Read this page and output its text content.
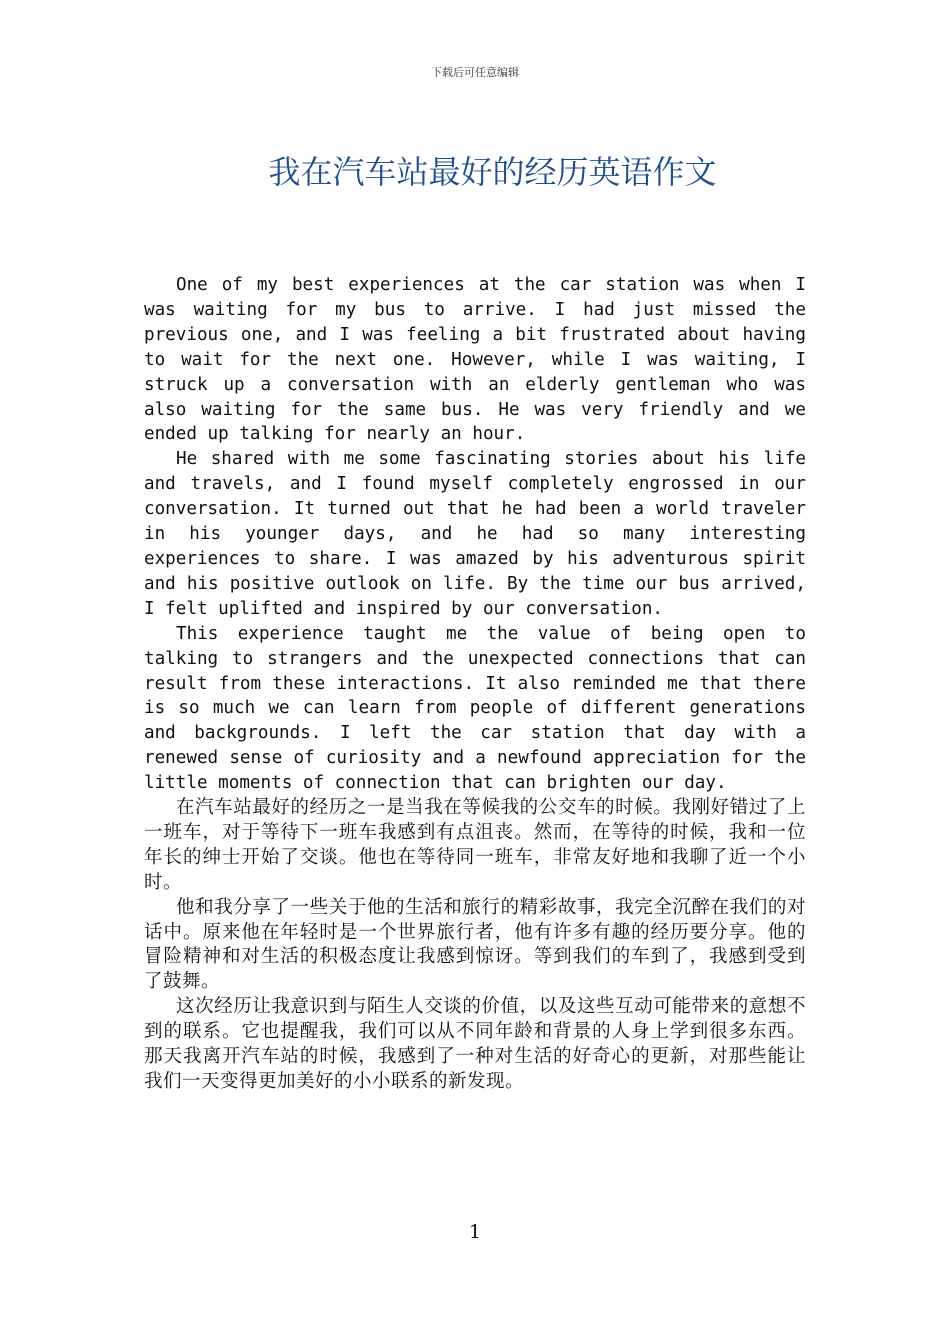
下载后可任意编辑
我在汽车站最好的经历英语作文

One of my best experiences at the car station was when I was waiting for my bus to arrive. I had just missed the previous one, and I was feeling a bit frustrated about having to wait for the next one. However, while I was waiting, I struck up a conversation with an elderly gentleman who was also waiting for the same bus. He was very friendly and we ended up talking for nearly an hour.

He shared with me some fascinating stories about his life and travels, and I found myself completely engrossed in our conversation. It turned out that he had been a world traveler in his younger days, and he had so many interesting experiences to share. I was amazed by his adventurous spirit and his positive outlook on life. By the time our bus arrived, I felt uplifted and inspired by our conversation.

This experience taught me the value of being open to talking to strangers and the unexpected connections that can result from these interactions. It also reminded me that there is so much we can learn from people of different generations and backgrounds. I left the car station that day with a renewed sense of curiosity and a newfound appreciation for the little moments of connection that can brighten our day.

在汽车站最好的经历之一是当我在等候我的公交车的时候。我刚好错过了上一班车，对于等待下一班车我感到有点沮丧。然而，在等待的时候，我和一位年长的绅士开始了交谈。他也在等待同一班车，非常友好地和我聊了近一个小时。

他和我分享了一些关于他的生活和旅行的精彩故事，我完全沉醉在我们的对话中。原来他在年轻时是一个世界旅行者，他有许多有趣的经历要分享。他的冒险精神和对生活的积极态度让我感到惊讶。等到我们的车到了，我感到受到了鼓舞。

这次经历让我意识到与陌生人交谈的价值，以及这些互动可能带来的意想不到的联系。它也提醒我，我们可以从不同年龄和背景的人身上学到很多东西。那天我离开汽车站的时候，我感到了一种对生活的好奇心的更新，对那些能让我们一天变得更加美好的小小联系的新发现。

1
